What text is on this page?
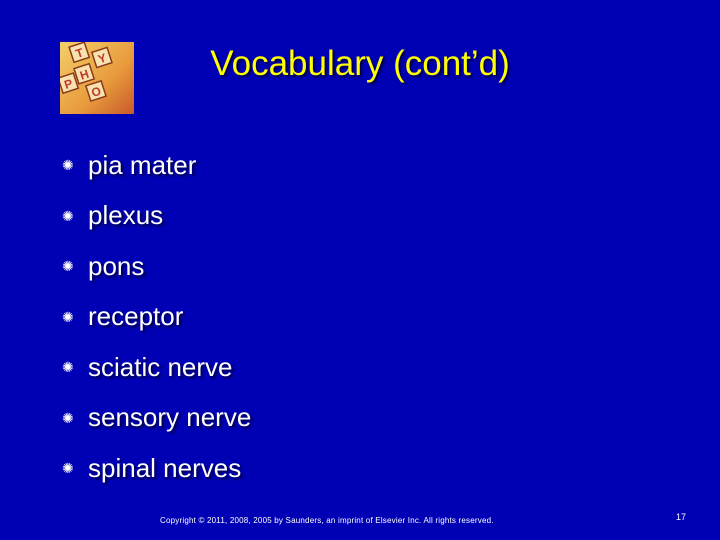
T
P
H
Y
O
Vocabulary (cont’d)
✺ pia mater
✺ plexus
✺ pons
✺ receptor
✺ sciatic nerve
✺ sensory nerve
✺ spinal nerves
Copyright © 2011, 2008, 2005 by Saunders, an imprint of Elsevier Inc. All rights reserved.	17
